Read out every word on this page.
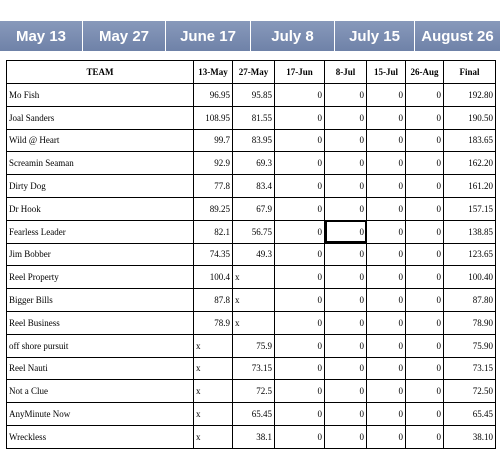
May 13	May 27	June 17	July 8	July 15	August 26
TEAM	13-May	27-May	17-Jun	8-Jul	15-Jul	26-Aug	Final
Mo Fish	96.95	95.85	0	0	0	0	192.80
Joal Sanders	108.95	81.55	0	0	0	0	190.50
Wild @ Heart	99.7	83.95	0	0	0	0	183.65
Screamin Seaman	92.9	69.3	0	0	0	0	162.20
Dirty Dog	77.8	83.4	0	0	0	0	161.20
Dr Hook	89.25	67.9	0	0	0	0	157.15
Fearless Leader	82.1	56.75	0	0	0	0	138.85
Jim Bobber	74.35	49.3	0	0	0	0	123.65
Reel Property	100.4	x	0	0	0	0	100.40
Bigger Bills	87.8	x	0	0	0	0	87.80
Reel Business	78.9	x	0	0	0	0	78.90
off shore pursuit	x	75.9	0	0	0	0	75.90
Reel Nauti	x	73.15	0	0	0	0	73.15
Not a Clue	x	72.5	0	0	0	0	72.50
AnyMinute Now	x	65.45	0	0	0	0	65.45
Wreckless	x	38.1	0	0	0	0	38.10
